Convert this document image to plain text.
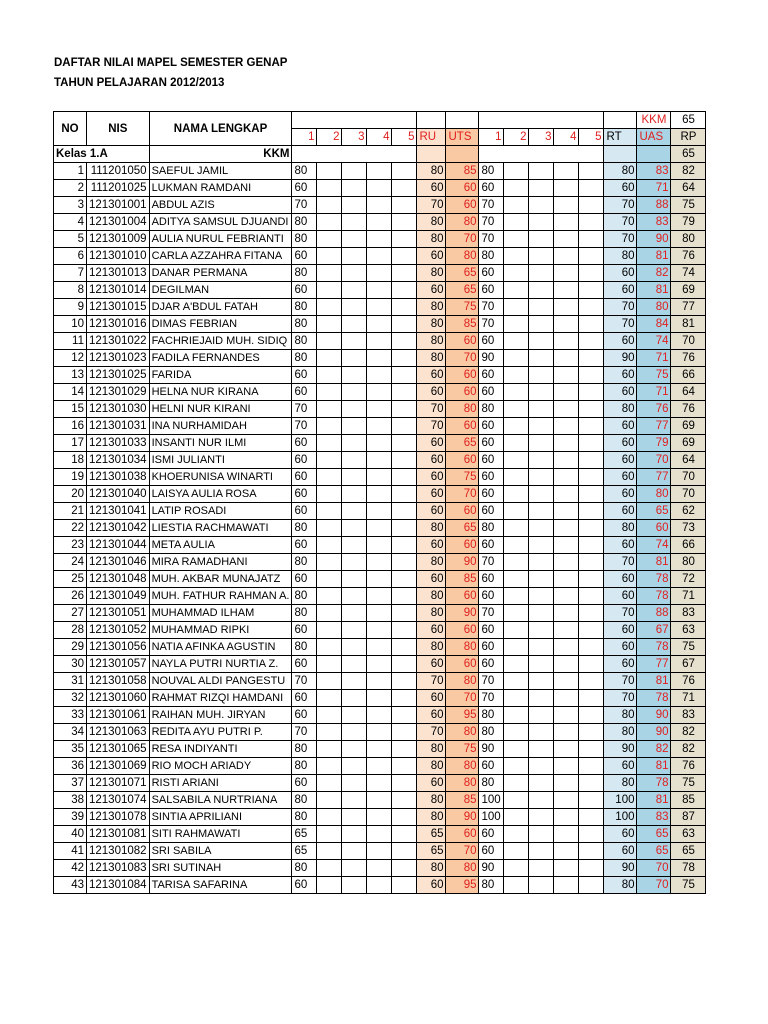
DAFTAR NILAI MAPEL SEMESTER GENAP
TAHUN PELAJARAN 2012/2013
NO	NIS	NAMA LENGKAP														KKM	65
			1	2	3	4	5	RU	UTS	1	2	3	4	5	RT	UAS	RP
Kelas 1.A		KKM															65
1	111201050	SAEFUL JAMIL	80					80	85	80					80	83	82
2	111201025	LUKMAN RAMDANI	60					60	60	60					60	71	64
3	121301001	ABDUL AZIS	70					70	60	70					70	88	75
4	121301004	ADITYA SAMSUL DJUANDI	80					80	80	70					70	83	79
5	121301009	AULIA NURUL FEBRIANTI	80					80	70	70					70	90	80
6	121301010	CARLA AZZAHRA FITANA	60					60	80	80					80	81	76
7	121301013	DANAR PERMANA	80					80	65	60					60	82	74
8	121301014	DEGILMAN	60					60	65	60					60	81	69
9	121301015	DJAR A'BDUL FATAH	80					80	75	70					70	80	77
10	121301016	DIMAS FEBRIAN	80					80	85	70					70	84	81
11	121301022	FACHRIEJAID MUH. SIDIQ	80					80	60	60					60	74	70
12	121301023	FADILA FERNANDES	80					80	70	90					90	71	76
13	121301025	FARIDA	60					60	60	60					60	75	66
14	121301029	HELNA NUR KIRANA	60					60	60	60					60	71	64
15	121301030	HELNI NUR KIRANI	70					70	80	80					80	76	76
16	121301031	INA NURHAMIDAH	70					70	60	60					60	77	69
17	121301033	INSANTI NUR ILMI	60					60	65	60					60	79	69
18	121301034	ISMI JULIANTI	60					60	60	60					60	70	64
19	121301038	KHOERUNISA WINARTI	60					60	75	60					60	77	70
20	121301040	LAISYA AULIA ROSA	60					60	70	60					60	80	70
21	121301041	LATIP ROSADI	60					60	60	60					60	65	62
22	121301042	LIESTIA RACHMAWATI	80					80	65	80					80	60	73
23	121301044	META AULIA	60					60	60	60					60	74	66
24	121301046	MIRA RAMADHANI	80					80	90	70					70	81	80
25	121301048	MUH. AKBAR MUNAJATZ	60					60	85	60					60	78	72
26	121301049	MUH. FATHUR RAHMAN A.	80					80	60	60					60	78	71
27	121301051	MUHAMMAD ILHAM	80					80	90	70					70	88	83
28	121301052	MUHAMMAD RIPKI	60					60	60	60					60	67	63
29	121301056	NATIA AFINKA AGUSTIN	80					80	80	60					60	78	75
30	121301057	NAYLA PUTRI NURTIA Z.	60					60	60	60					60	77	67
31	121301058	NOUVAL ALDI PANGESTU	70					70	80	70					70	81	76
32	121301060	RAHMAT RIZQI HAMDANI	60					60	70	70					70	78	71
33	121301061	RAIHAN MUH. JIRYAN	60					60	95	80					80	90	83
34	121301063	REDITA AYU PUTRI P.	70					70	80	80					80	90	82
35	121301065	RESA INDIYANTI	80					80	75	90					90	82	82
36	121301069	RIO MOCH ARIADY	80					80	80	60					60	81	76
37	121301071	RISTI ARIANI	60					60	80	80					80	78	75
38	121301074	SALSABILA NURTRIANA	80					80	85	100					100	81	85
39	121301078	SINTIA APRILIANI	80					80	90	100					100	83	87
40	121301081	SITI RAHMAWATI	65					65	60	60					60	65	63
41	121301082	SRI SABILA	65					65	70	60					60	65	65
42	121301083	SRI SUTINAH	80					80	80	90					90	70	78
43	121301084	TARISA SAFARINA	60					60	95	80					80	70	75
